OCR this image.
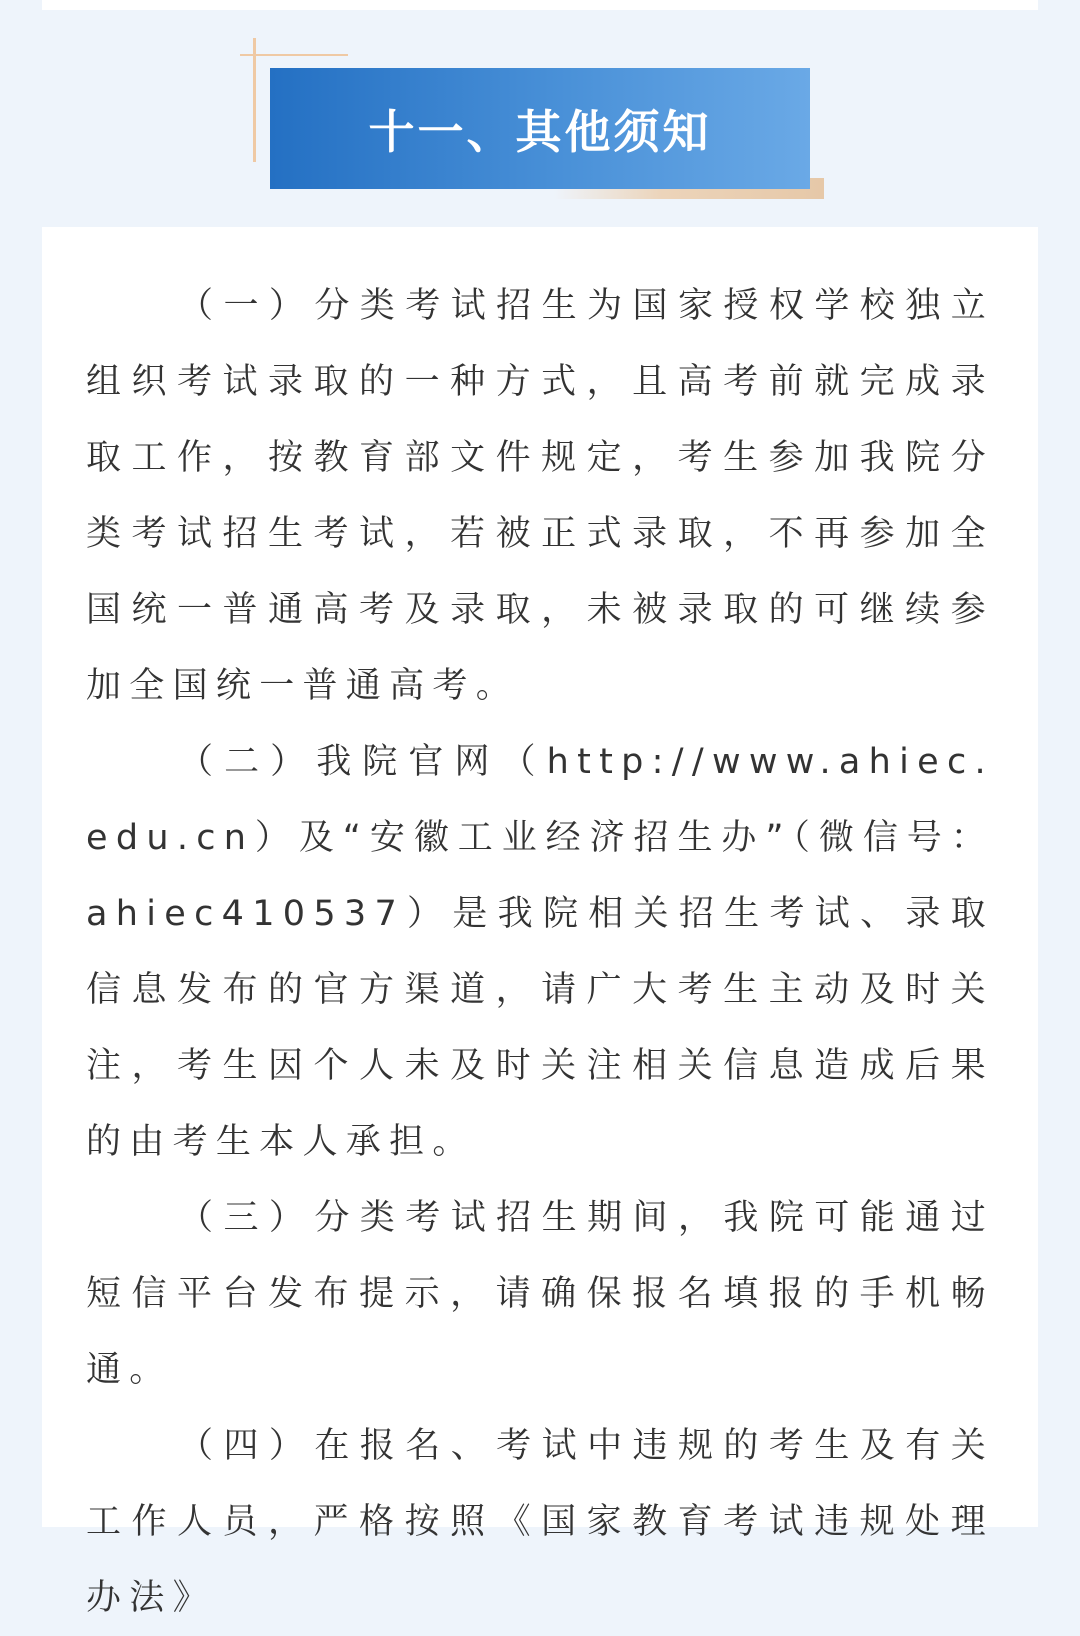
十一、其他须知

（一）分类考试招生为国家授权学校独立组织考试录取的一种方式，且高考前就完成录取工作，按教育部文件规定，考生参加我院分类考试招生考试，若被正式录取，不再参加全国统一普通高考及录取，未被录取的可继续参加全国统一普通高考。

（二）我院官网（http://www.ahiec.edu.cn）及“安徽工业经济招生办”（微信号：ahiec410537）是我院相关招生考试、录取信息发布的官方渠道，请广大考生主动及时关注，考生因个人未及时关注相关信息造成后果的由考生本人承担。

（三）分类考试招生期间，我院可能通过短信平台发布提示，请确保报名填报的手机畅通。

（四）在报名、考试中违规的考生及有关工作人员，严格按照《国家教育考试违规处理办法》
